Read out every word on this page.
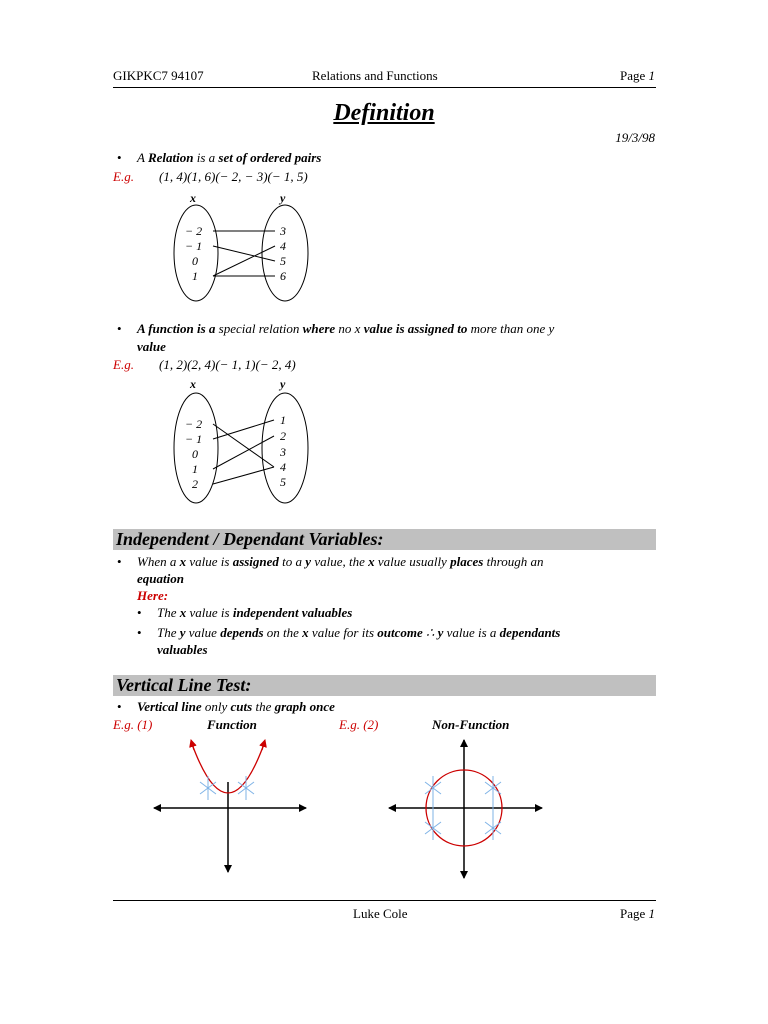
GIKPKC7 94107	Relations and Functions	Page 1
Definition
19/3/98
• A Relation is a set of ordered pairs
E.g. (1, 4)(1, 6)(− 2, − 3)(− 1, 5)
x	y
− 2
− 1
0
1
3
4
5
6
• A function is a special relation where no x value is assigned to more than one y
value
E.g. (1, 2)(2, 4)(− 1, 1)(− 2, 4)
x	y
− 2
− 1
0
1
2
1
2
3
4
5
Independent / Dependant Variables:
• When a x value is assigned to a y value, the x value usually places through an
equation
Here:
• The x value is independent valuables
• The y value depends on the x value for its outcome ∴ y value is a dependants
valuables
Vertical Line Test:
• Vertical line only cuts the graph once
E.g. (1)	Function	E.g. (2)	Non-Function
Luke Cole	Page 1
